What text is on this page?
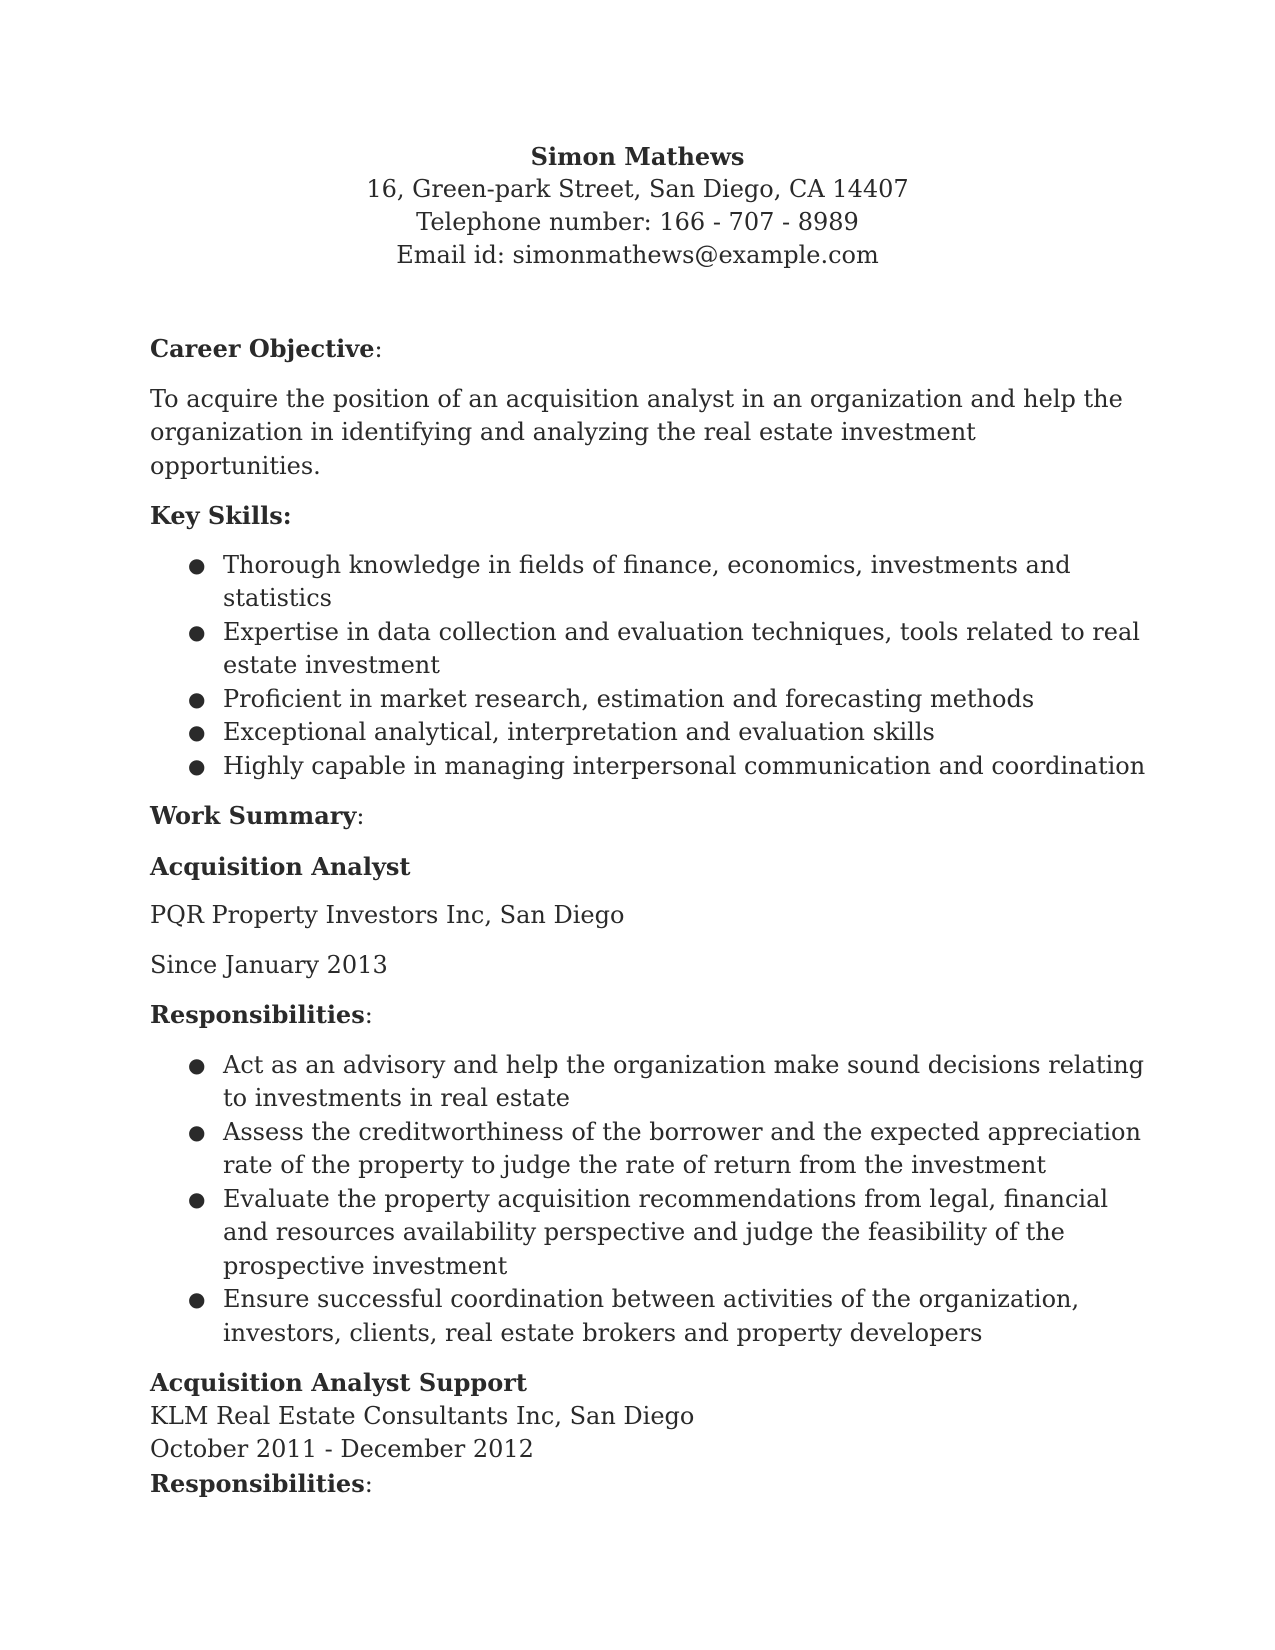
Simon Mathews
16, Green-park Street, San Diego, CA 14407
Telephone number: 166 - 707 - 8989
Email id: simonmathews@example.com

Career Objective:

To acquire the position of an acquisition analyst in an organization and help the organization in identifying and analyzing the real estate investment opportunities.

Key Skills:

● Thorough knowledge in fields of finance, economics, investments and statistics
● Expertise in data collection and evaluation techniques, tools related to real estate investment
● Proficient in market research, estimation and forecasting methods
● Exceptional analytical, interpretation and evaluation skills
● Highly capable in managing interpersonal communication and coordination

Work Summary:

Acquisition Analyst

PQR Property Investors Inc, San Diego

Since January 2013

Responsibilities:

● Act as an advisory and help the organization make sound decisions relating to investments in real estate
● Assess the creditworthiness of the borrower and the expected appreciation rate of the property to judge the rate of return from the investment
● Evaluate the property acquisition recommendations from legal, financial and resources availability perspective and judge the feasibility of the prospective investment
● Ensure successful coordination between activities of the organization, investors, clients, real estate brokers and property developers

Acquisition Analyst Support

KLM Real Estate Consultants Inc, San Diego

October 2011 - December 2012

Responsibilities:
